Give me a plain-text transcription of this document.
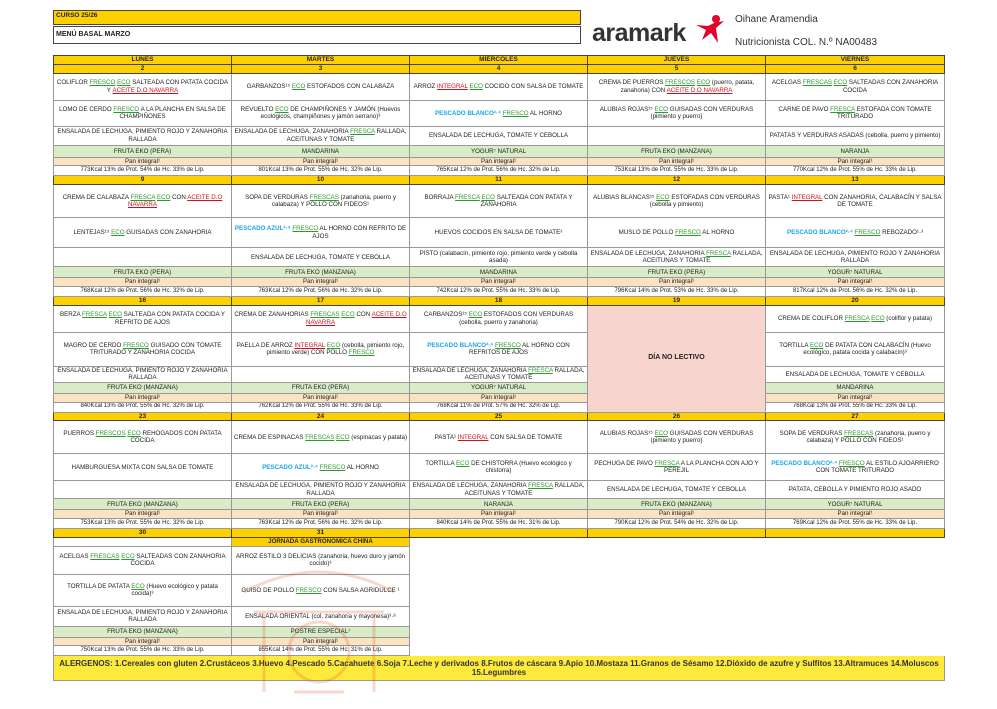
CURSO 25/26
MENÚ BASAL MARZO	aramark	Oihane Aramendia
Nutricionista COL. N.º NA00483
LUNES	MARTES	MIÉRCOLES	JUEVES	VIERNES
2	3	4	5	6
COLIFLOR FRESCO ECO SALTEADA CON PATATA COCIDA Y ACEITE D.O NAVARRA	GARBANZOS¹⁵ ECO ESTOFADOS CON CALABAZA	ARROZ INTEGRAL ECO COCIDO CON SALSA DE TOMATE	CREMA DE PUERROS FRESCOS ECO (puerro, patata, zanahoria) CON ACEITE D.O NAVARRA	ACELGAS FRESCAS ECO SALTEADAS CON ZANAHORIA COCIDA
LOMO DE CERDO FRESCO A LA PLANCHA EN SALSA DE CHAMPIÑONES	REVUELTO ECO DE CHAMPIÑONES Y JAMÓN (Huevos ecológicos, champiñones y jamón serrano)³	PESCADO BLANCO²·⁴ FRESCO AL HORNO	ALUBIAS ROJAS¹⁵ ECO GUISADAS CON VERDURAS (pimiento y puerro)	CARNE DE PAVO FRESCA ESTOFADA CON TOMATE TRITURADO
ENSALADA DE LECHUGA, PIMIENTO ROJO Y ZANAHORIA RALLADA	ENSALADA DE LECHUGA, ZANAHORIA FRESCA RALLADA, ACEITUNAS Y TOMATE	ENSALADA DE LECHUGA, TOMATE Y CEBOLLA		PATATAS Y VERDURAS ASADAS (cebolla, puerro y pimiento)
FRUTA EKO (PERA)	MANDARINA	YOGUR⁷ NATURAL	FRUTA EKO (MANZANA)	NARANJA
Pan integral¹	Pan integral¹	Pan integral¹	Pan integral¹	Pan integral¹
773Kcal 13% de Prot. 54% de Hc. 33% de Lip.	801Kcal 13% de Prot. 55% de Hc. 32% de Lip.	765Kcal 12% de Prot. 56% de Hc. 32% de Lip.	753Kcal 13% de Prot. 55% de Hc. 33% de Lip.	770Kcal 12% de Prot. 55% de Hc. 33% de Lip.
9	10	11	12	13
CREMA DE CALABAZA FRESCA ECO CON ACEITE D.O NAVARRA	SOPA DE VERDURAS FRESCAS (zanahoria, puerro y calabaza) Y POLLO CON FIDEOS¹	BORRAJA FRESCA ECO SALTEADA CON PATATA Y ZANAHORIA	ALUBIAS BLANCAS¹⁵ ECO ESTOFADAS CON VERDURAS (cebolla y pimiento)	PASTA¹ INTEGRAL CON ZANAHORIA, CALABACÍN Y SALSA DE TOMATE
LENTEJAS¹⁵ ECO GUISADAS CON ZANAHORIA	PESCADO AZUL²·⁴ FRESCO AL HORNO CON REFRITO DE AJOS	HUEVOS COCIDOS EN SALSA DE TOMATE³	MUSLO DE POLLO FRESCO AL HORNO	PESCADO BLANCO²·⁴ FRESCO REBOZADO¹·³
	ENSALADA DE LECHUGA, TOMATE Y CEBOLLA	PISTO (calabacín, pimiento rojo, pimiento verde y cebolla asada)	ENSALADA DE LECHUGA, ZANAHORIA FRESCA RALLADA, ACEITUNAS Y TOMATE	ENSALADA DE LECHUGA, PIMIENTO ROJO Y ZANAHORIA RALLADA
FRUTA EKO (PERA)	FRUTA EKO (MANZANA)	MANDARINA	FRUTA EKO (PERA)	YOGUR⁷ NATURAL
Pan integral¹	Pan integral¹	Pan integral¹	Pan integral¹	Pan integral¹
768Kcal 12% de Prot. 56% de Hc. 32% de Lip.	763Kcal 12% de Prot. 56% de Hc. 32% de Lip.	742Kcal 12% de Prot. 55% de Hc. 33% de Lip.	796Kcal 14% de Prot. 53% de Hc. 33% de Lip.	817Kcal 12% de Prot. 56% de Hc. 32% de Lip.
16	17	18	19	20
BERZA FRESCA ECO SALTEADA CON PATATA COCIDA Y REFRITO DE AJOS	CREMA DE ZANAHORIAS FRESCAS ECO CON ACEITE D.O NAVARRA	CARBANZOS¹⁵ ECO ESTOFADOS CON VERDURAS (cebolla, puerro y zanahoria)	DÍA NO LECTIVO	CREMA DE COLIFLOR FRESCA ECO (coliflor y patata)
MAGRO DE CERDO FRESCO GUISADO CON TOMATE TRITURADO Y ZANAHORIA COCIDA	PAELLA DE ARROZ INTEGRAL ECO (cebolla, pimiento rojo, pimiento verde) CON POLLO FRESCO	PESCADO BLANCO²·⁴ FRESCO AL HORNO CON REFRITOS DE AJOS		TORTILLA ECO DE PATATA CON CALABACÍN (Huevo ecológico, patata cocida y calabacín)³
ENSALADA DE LECHUGA, PIMIENTO ROJO Y ZANAHORIA RALLADA		ENSALADA DE LECHUGA, ZANAHORIA FRESCA RALLADA, ACEITUNAS Y TOMATE		ENSALADA DE LECHUGA, TOMATE Y CEBOLLA
FRUTA EKO (MANZANA)	FRUTA EKO (PERA)	YOGUR⁷ NATURAL		MANDARINA
Pan integral¹	Pan integral¹	Pan integral¹		Pan integral¹
840Kcal 13% de Prot. 55% de Hc. 32% de Lip.	762Kcal 12% de Prot. 55% de Hc. 33% de Lip.	768Kcal 11% de Prot. 57% de Hc. 32% de Lip.		768Kcal 13% de Prot. 55% de Hc. 33% de Lip.
23	24	25	26	27
PUERROS FRESCOS ECO REHOGADOS CON PATATA COCIDA	CREMA DE ESPINACAS FRESCAS ECO (espinacas y patata)	PASTA¹ INTEGRAL CON SALSA DE TOMATE	ALUBIAS ROJAS¹⁵ ECO GUISADAS CON VERDURAS (pimiento y puerro)	SOPA DE VERDURAS FRESCAS (zanahoria, puerro y calabaza) Y POLLO CON FIDEOS¹
HAMBURGUESA MIXTA CON SALSA DE TOMATE	PESCADO AZUL²·⁴ FRESCO AL HORNO	TORTILLA ECO DE CHISTORRA (Huevo ecológico y chistorra)	PECHUGA DE PAVO FRESCA A LA PLANCHA CON AJO Y PEREJIL	PESCADO BLANCO²·⁴ FRESCO AL ESTILO AJOARRIERO CON TOMATE TRITURADO
	ENSALADA DE LECHUGA, PIMIENTO ROJO Y ZANAHORIA RALLADA	ENSALADA DE LECHUGA, ZANAHORIA FRESCA RALLADA, ACEITUNAS Y TOMATE	ENSALADA DE LECHUGA, TOMATE Y CEBOLLA	PATATA, CEBOLLA Y PIMIENTO ROJO ASADO
FRUTA EKO (MANZANA)	FRUTA EKO (PERA)	NARANJA	FRUTA EKO (MANZANA)	YOGUR⁷ NATURAL
Pan integral¹	Pan integral¹	Pan integral¹	Pan integral¹	Pan integral¹
753Kcal 13% de Prot. 55% de Hc. 32% de Lip.	763Kcal 12% de Prot. 56% de Hc. 32% de Lip.	840Kcal 14% de Prot. 55% de Hc. 31% de Lip.	790Kcal 12% de Prot. 54% de Hc. 32% de Lip.	769Kcal 12% de Prot. 55% de Hc. 33% de Lip.
30	31			
	JORNADA GASTRONÓMICA CHINA			
ACELGAS FRESCAS ECO SALTEADAS CON ZANAHORIA COCIDA	ARROZ ESTILO 3 DELICIAS (zanahoria, huevo duro y jamón cocido)³			
TORTILLA DE PATATA ECO (Huevo ecológico y patata cocida)³	GUISO DE POLLO FRESCO CON SALSA AGRIDULCE ¹			
ENSALADA DE LECHUGA, PIMIENTO ROJO Y ZANAHORIA RALLADA	ENSALADA ORIENTAL (col, zanahoria y mayonesa)³·⁸			
FRUTA EKO (MANZANA)	POSTRE ESPECIAL⁷			
Pan integral¹	Pan integral¹			
750Kcal 13% de Prot. 55% de Hc. 33% de Lip.	855Kcal 14% de Prot. 55% de Hc. 31% de Lip.			
ALERGENOS: 1.Cereales con gluten 2.Crustáceos 3.Huevo 4.Pescado 5.Cacahuete 6.Soja 7.Leche y derivados 8.Frutos de cáscara 9.Apio 10.Mostaza 11.Granos de Sésamo 12.Dióxido de azufre y Sulfitos 13.Altramuces 14.Moluscos 15.Legumbres				
